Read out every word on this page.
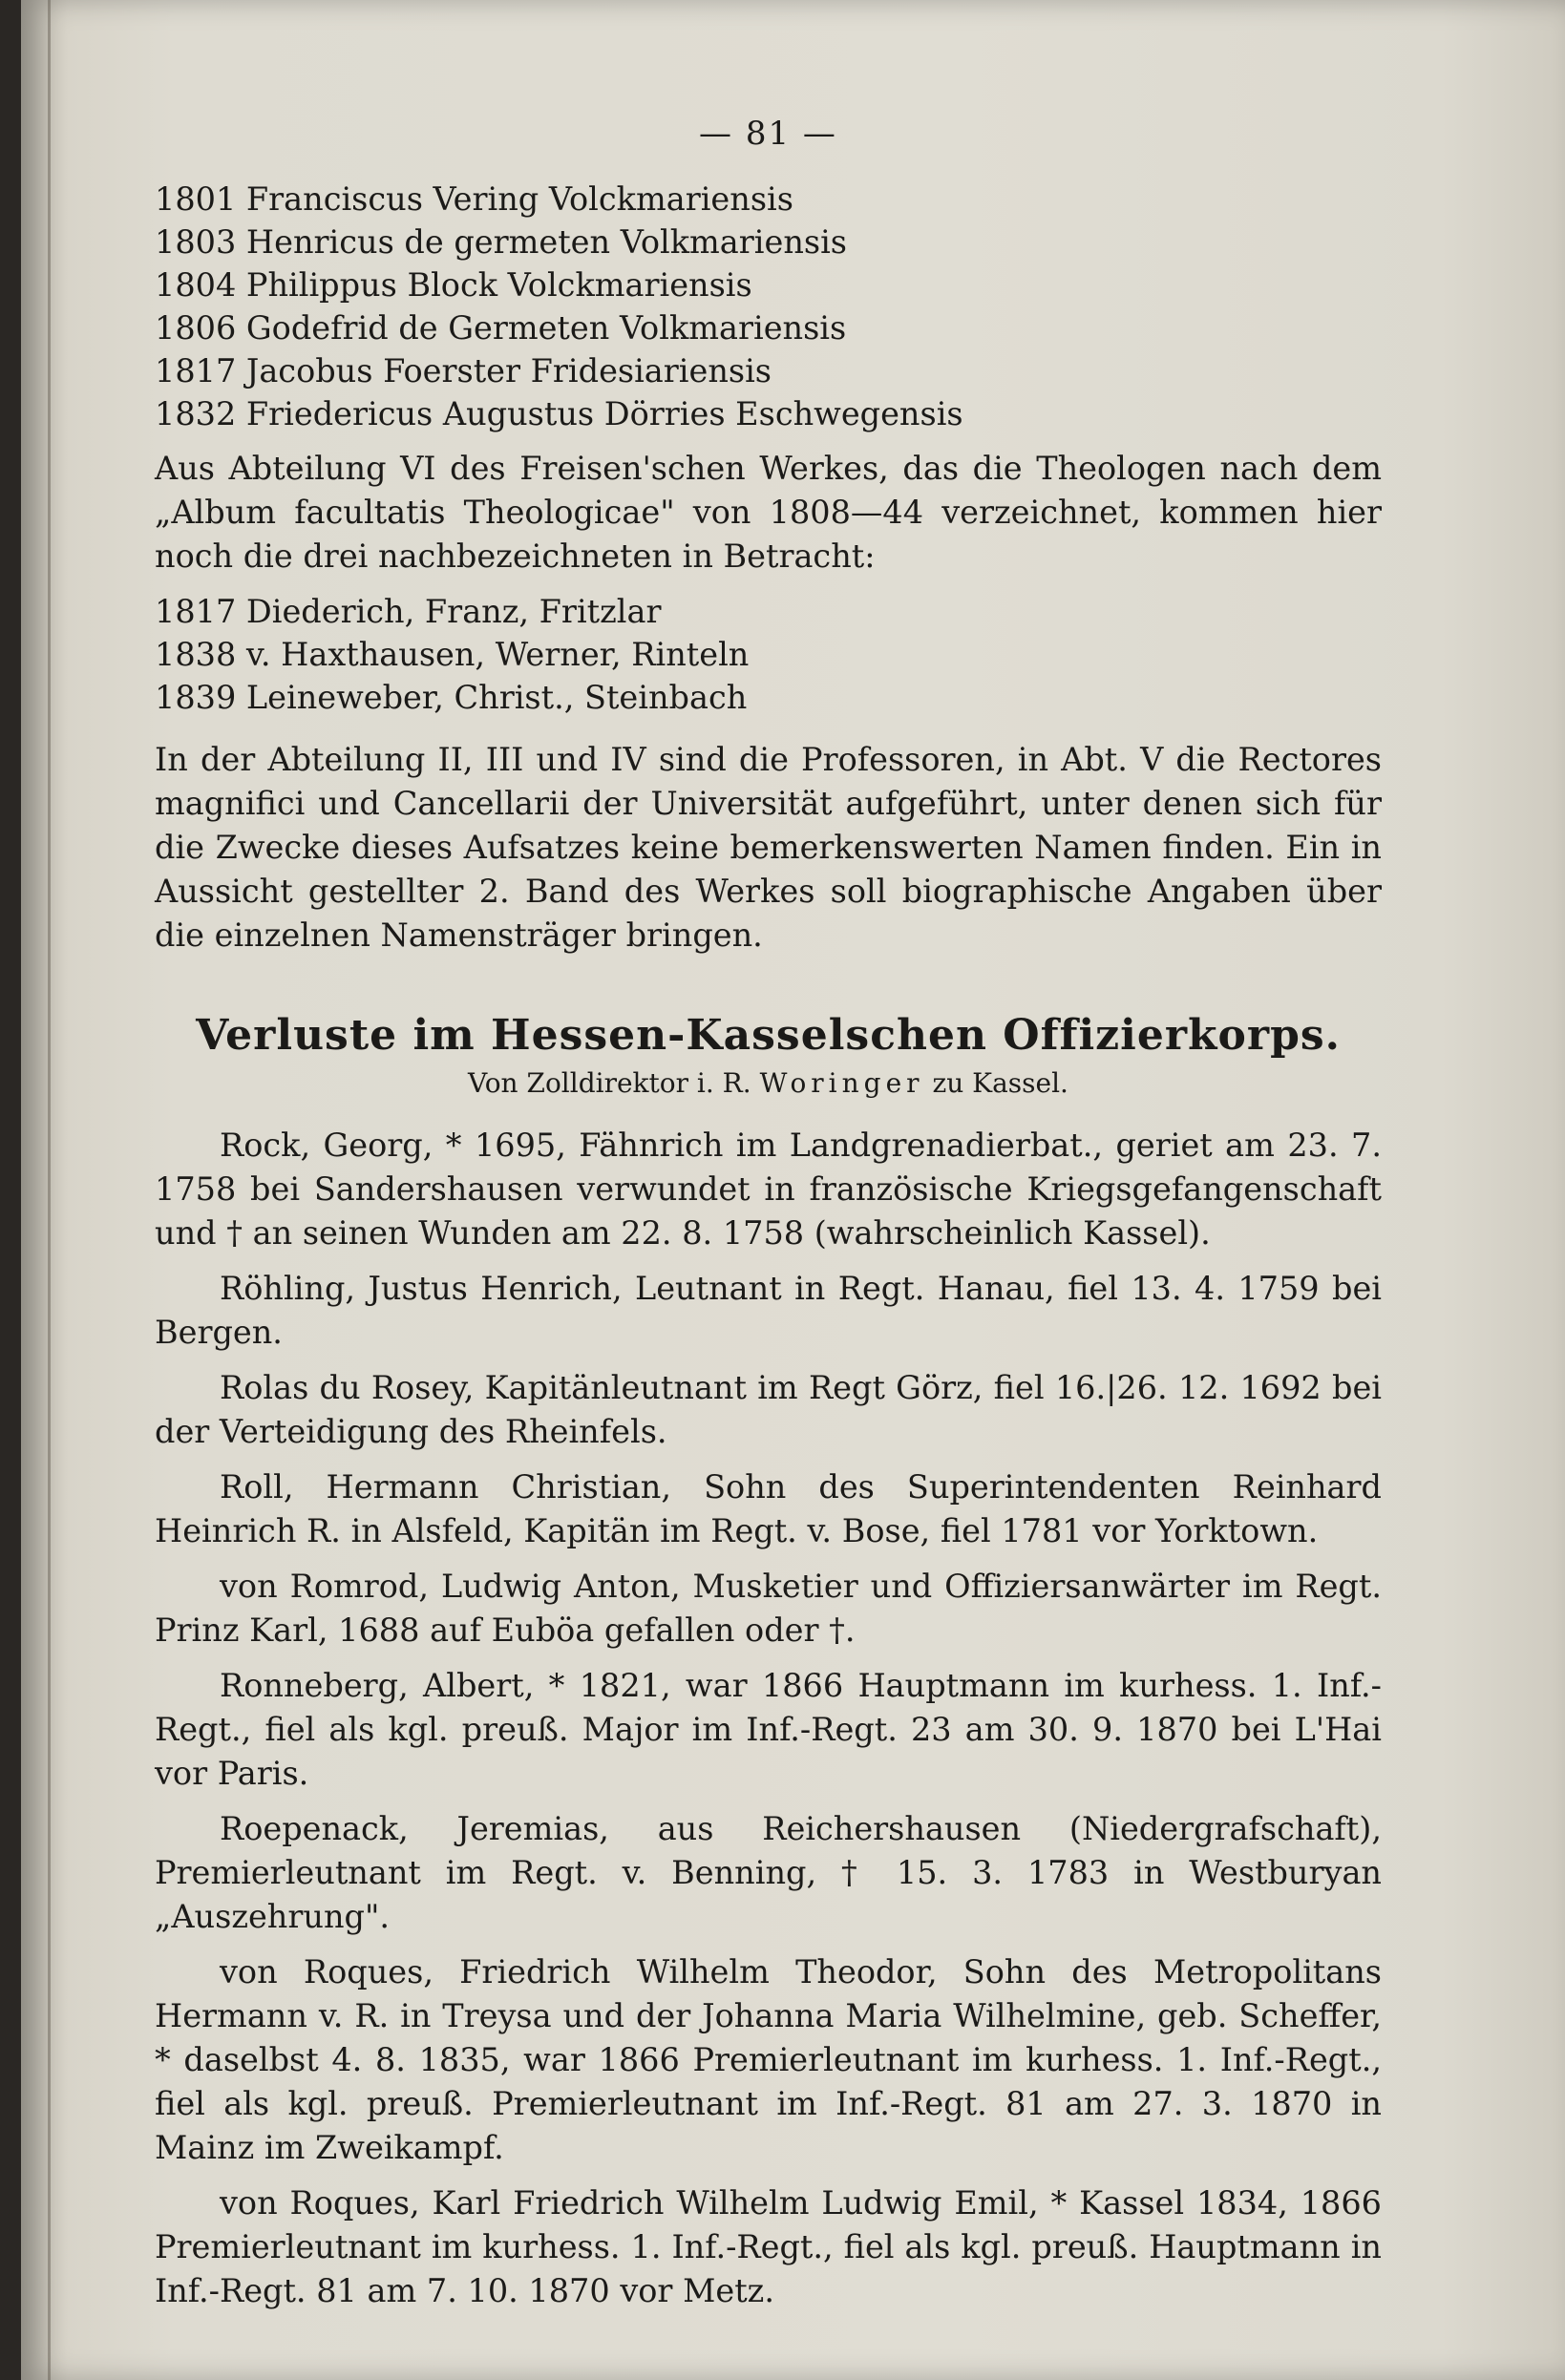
— 81 —
1801 Franciscus Vering Volckmariensis
1803 Henricus de germeten Volkmariensis
1804 Philippus Block Volckmariensis
1806 Godefrid de Germeten Volkmariensis
1817 Jacobus Foerster Fridesiariensis
1832 Friedericus Augustus Dörries Eschwegensis

Aus Abteilung VI des Freisen'schen Werkes, das die Theologen nach dem „Album facultatis Theologicae" von 1808—44 verzeichnet, kommen hier noch die drei nachbezeichneten in Betracht:

1817 Diederich, Franz, Fritzlar
1838 v. Haxthausen, Werner, Rinteln
1839 Leineweber, Christ., Steinbach

In der Abteilung II, III und IV sind die Professoren, in Abt. V die Rectores magnifici und Cancellarii der Universität aufgeführt, unter denen sich für die Zwecke dieses Aufsatzes keine bemerkenswerten Namen finden. Ein in Aussicht gestellter 2. Band des Werkes soll biographische Angaben über die einzelnen Namensträger bringen.

Verluste im Hessen-Kasselschen Offizierkorps.
Von Zolldirektor i. R. Woringer zu Kassel.

Rock, Georg, * 1695, Fähnrich im Landgrenadierbat., geriet am 23. 7. 1758 bei Sandershausen verwundet in französische Kriegsgefangenschaft und † an seinen Wunden am 22. 8. 1758 (wahrscheinlich Kassel).

Röhling, Justus Henrich, Leutnant in Regt. Hanau, fiel 13. 4. 1759 bei Bergen.

Rolas du Rosey, Kapitänleutnant im Regt Görz, fiel 16.|26. 12. 1692 bei der Verteidigung des Rheinfels.

Roll, Hermann Christian, Sohn des Superintendenten Reinhard Heinrich R. in Alsfeld, Kapitän im Regt. v. Bose, fiel 1781 vor Yorktown.

von Romrod, Ludwig Anton, Musketier und Offiziersanwärter im Regt. Prinz Karl, 1688 auf Euböa gefallen oder †.

Ronneberg, Albert, * 1821, war 1866 Hauptmann im kurhess. 1. Inf.-Regt., fiel als kgl. preuß. Major im Inf.-Regt. 23 am 30. 9. 1870 bei L'Hai vor Paris.

Roepenack, Jeremias, aus Reichershausen (Niedergrafschaft), Premierleutnant im Regt. v. Benning, † 15. 3. 1783 in Westburyan „Auszehrung".

von Roques, Friedrich Wilhelm Theodor, Sohn des Metropolitans Hermann v. R. in Treysa und der Johanna Maria Wilhelmine, geb. Scheffer, * daselbst 4. 8. 1835, war 1866 Premierleutnant im kurhess. 1. Inf.-Regt., fiel als kgl. preuß. Premierleutnant im Inf.-Regt. 81 am 27. 3. 1870 in Mainz im Zweikampf.

von Roques, Karl Friedrich Wilhelm Ludwig Emil, * Kassel 1834, 1866 Premierleutnant im kurhess. 1. Inf.-Regt., fiel als kgl. preuß. Hauptmann in Inf.-Regt. 81 am 7. 10. 1870 vor Metz.
